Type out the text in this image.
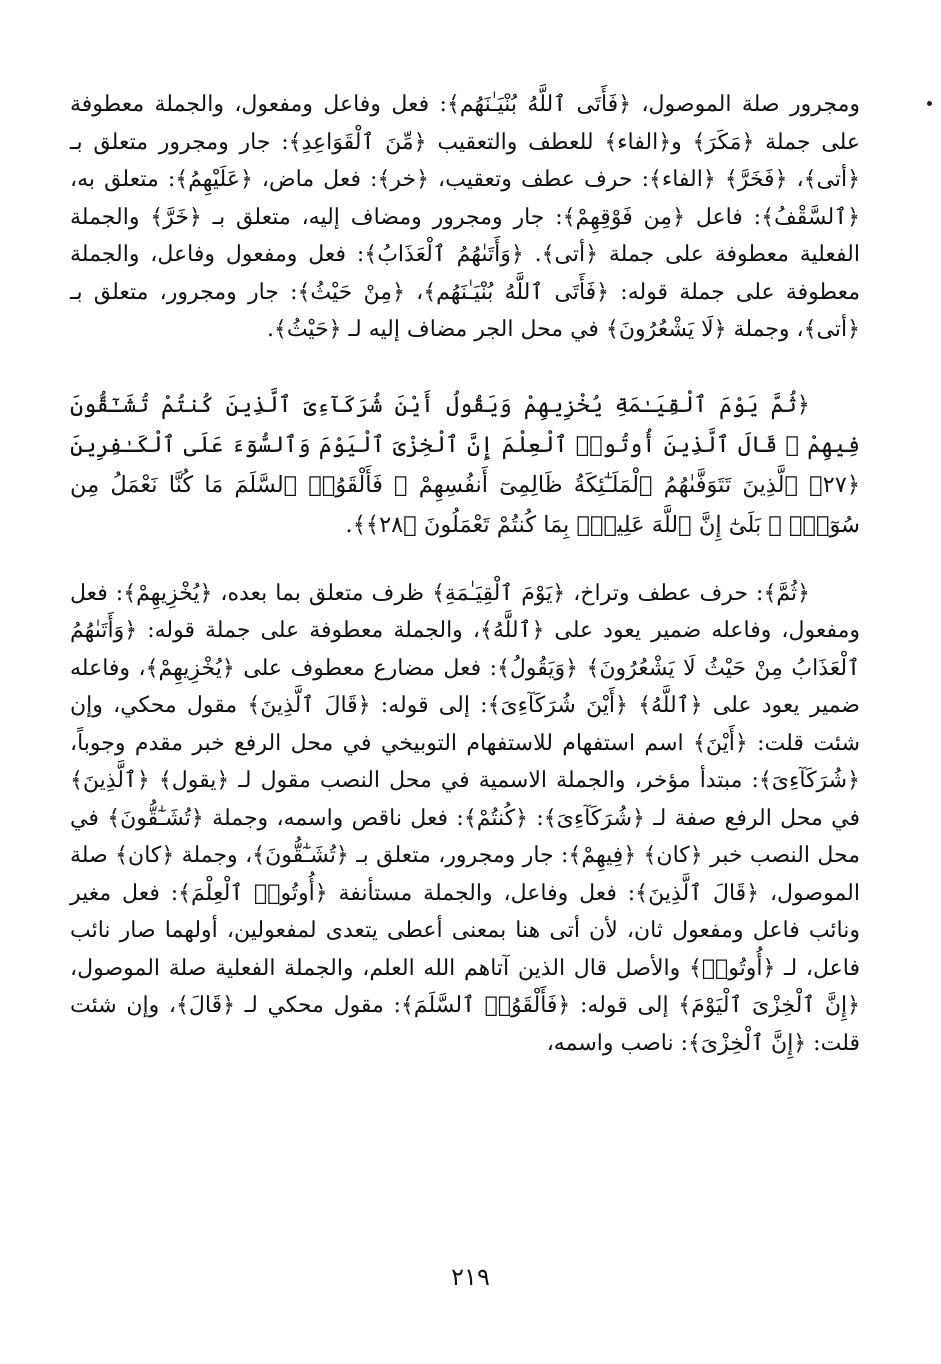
ومجرور صلة الموصول، ﴿فَأَتَى ٱللَّهُ بُنْيَـٰنَهُم﴾: فعل وفاعل ومفعول، والجملة معطوفة على جملة ﴿مَكَرَ﴾ و﴿الفاء﴾ للعطف والتعقيب ﴿مِّنَ ٱلْقَوَاعِدِ﴾: جار ومجرور متعلق بـ ﴿أتى﴾، ﴿فَخَرَّ﴾ ﴿الفاء﴾: حرف عطف وتعقيب، ﴿خر﴾: فعل ماض، ﴿عَلَيْهِمُ﴾: متعلق به، ﴿ٱلسَّقْفُ﴾: فاعل ﴿مِن فَوْقِهِمْ﴾: جار ومجرور ومضاف إليه، متعلق بـ ﴿خَرَّ﴾ والجملة الفعلية معطوفة على جملة ﴿أتى﴾. ﴿وَأَتَىٰهُمُ ٱلْعَذَابُ﴾: فعل ومفعول وفاعل، والجملة معطوفة على جملة قوله: ﴿فَأَتَى ٱللَّهُ بُنْيَـٰنَهُم﴾، ﴿مِنْ حَيْثُ﴾: جار ومجرور، متعلق بـ ﴿أتى﴾، وجملة ﴿لَا يَشْعُرُونَ﴾ في محل الجر مضاف إليه لـ ﴿حَيْثُ﴾.

﴿ثُمَّ يَوْمَ ٱلْقِيَـٰمَةِ يُخْزِيهِمْ وَيَقُولُ أَيْنَ شُرَكَآءِىَ ٱلَّذِينَ كُنتُمْ تُشَـٰٓقُّونَ فِيهِمْ ۚ قَالَ ٱلَّذِينَ أُوتُوا۟ ٱلْعِلْمَ إِنَّ ٱلْخِزْىَ ٱلْيَوْمَ وَٱلسُّوٓءَ عَلَى ٱلْكَـٰفِرِينَ ﴿٢٧﴾ ٱلَّذِينَ تَتَوَفَّىٰهُمُ ٱلْمَلَـٰٓئِكَةُ ظَالِمِىٓ أَنفُسِهِمْ ۖ فَأَلْقَوُا۟ ٱلسَّلَمَ مَا كُنَّا نَعْمَلُ مِن سُوٓءٍۭ ۚ بَلَىٰٓ إِنَّ ٱللَّهَ عَلِيمٌۢ بِمَا كُنتُمْ تَعْمَلُونَ ﴿٢٨﴾﴾.

﴿ثُمَّ﴾: حرف عطف وتراخ، ﴿يَوْمَ ٱلْقِيَـٰمَةِ﴾ ظرف متعلق بما بعده، ﴿يُخْزِيهِمْ﴾: فعل ومفعول، وفاعله ضمير يعود على ﴿ٱللَّهُ﴾، والجملة معطوفة على جملة قوله: ﴿وَأَتَىٰهُمُ ٱلْعَذَابُ مِنْ حَيْثُ لَا يَشْعُرُونَ﴾ ﴿وَيَقُولُ﴾: فعل مضارع معطوف على ﴿يُخْزِيهِمْ﴾، وفاعله ضمير يعود على ﴿ٱللَّهُ﴾ ﴿أَيْنَ شُرَكَآءِىَ﴾: إلى قوله: ﴿قَالَ ٱلَّذِينَ﴾ مقول محكي، وإن شئت قلت: ﴿أَيْنَ﴾ اسم استفهام للاستفهام التوبيخي في محل الرفع خبر مقدم وجوباً، ﴿شُرَكَآءِىَ﴾: مبتدأ مؤخر، والجملة الاسمية في محل النصب مقول لـ ﴿يقول﴾ ﴿ٱلَّذِينَ﴾ في محل الرفع صفة لـ ﴿شُرَكَآءِىَ﴾: ﴿كُنتُمْ﴾: فعل ناقص واسمه، وجملة ﴿تُشَـٰٓقُّونَ﴾ في محل النصب خبر ﴿كان﴾ ﴿فِيهِمْ﴾: جار ومجرور، متعلق بـ ﴿تُشَـٰٓقُّونَ﴾، وجملة ﴿كان﴾ صلة الموصول، ﴿قَالَ ٱلَّذِينَ﴾: فعل وفاعل، والجملة مستأنفة ﴿أُوتُوا۟ ٱلْعِلْمَ﴾: فعل مغير ونائب فاعل ومفعول ثان، لأن أتى هنا بمعنى أعطى يتعدى لمفعولين، أولهما صار نائب فاعل، لـ ﴿أُوتُوا۟﴾ والأصل قال الذين آتاهم الله العلم، والجملة الفعلية صلة الموصول، ﴿إِنَّ ٱلْخِزْىَ ٱلْيَوْمَ﴾ إلى قوله: ﴿فَأَلْقَوُا۟ ٱلسَّلَمَ﴾: مقول محكي لـ ﴿قَالَ﴾، وإن شئت قلت: ﴿إِنَّ ٱلْخِزْىَ﴾: ناصب واسمه،

٢١٩
